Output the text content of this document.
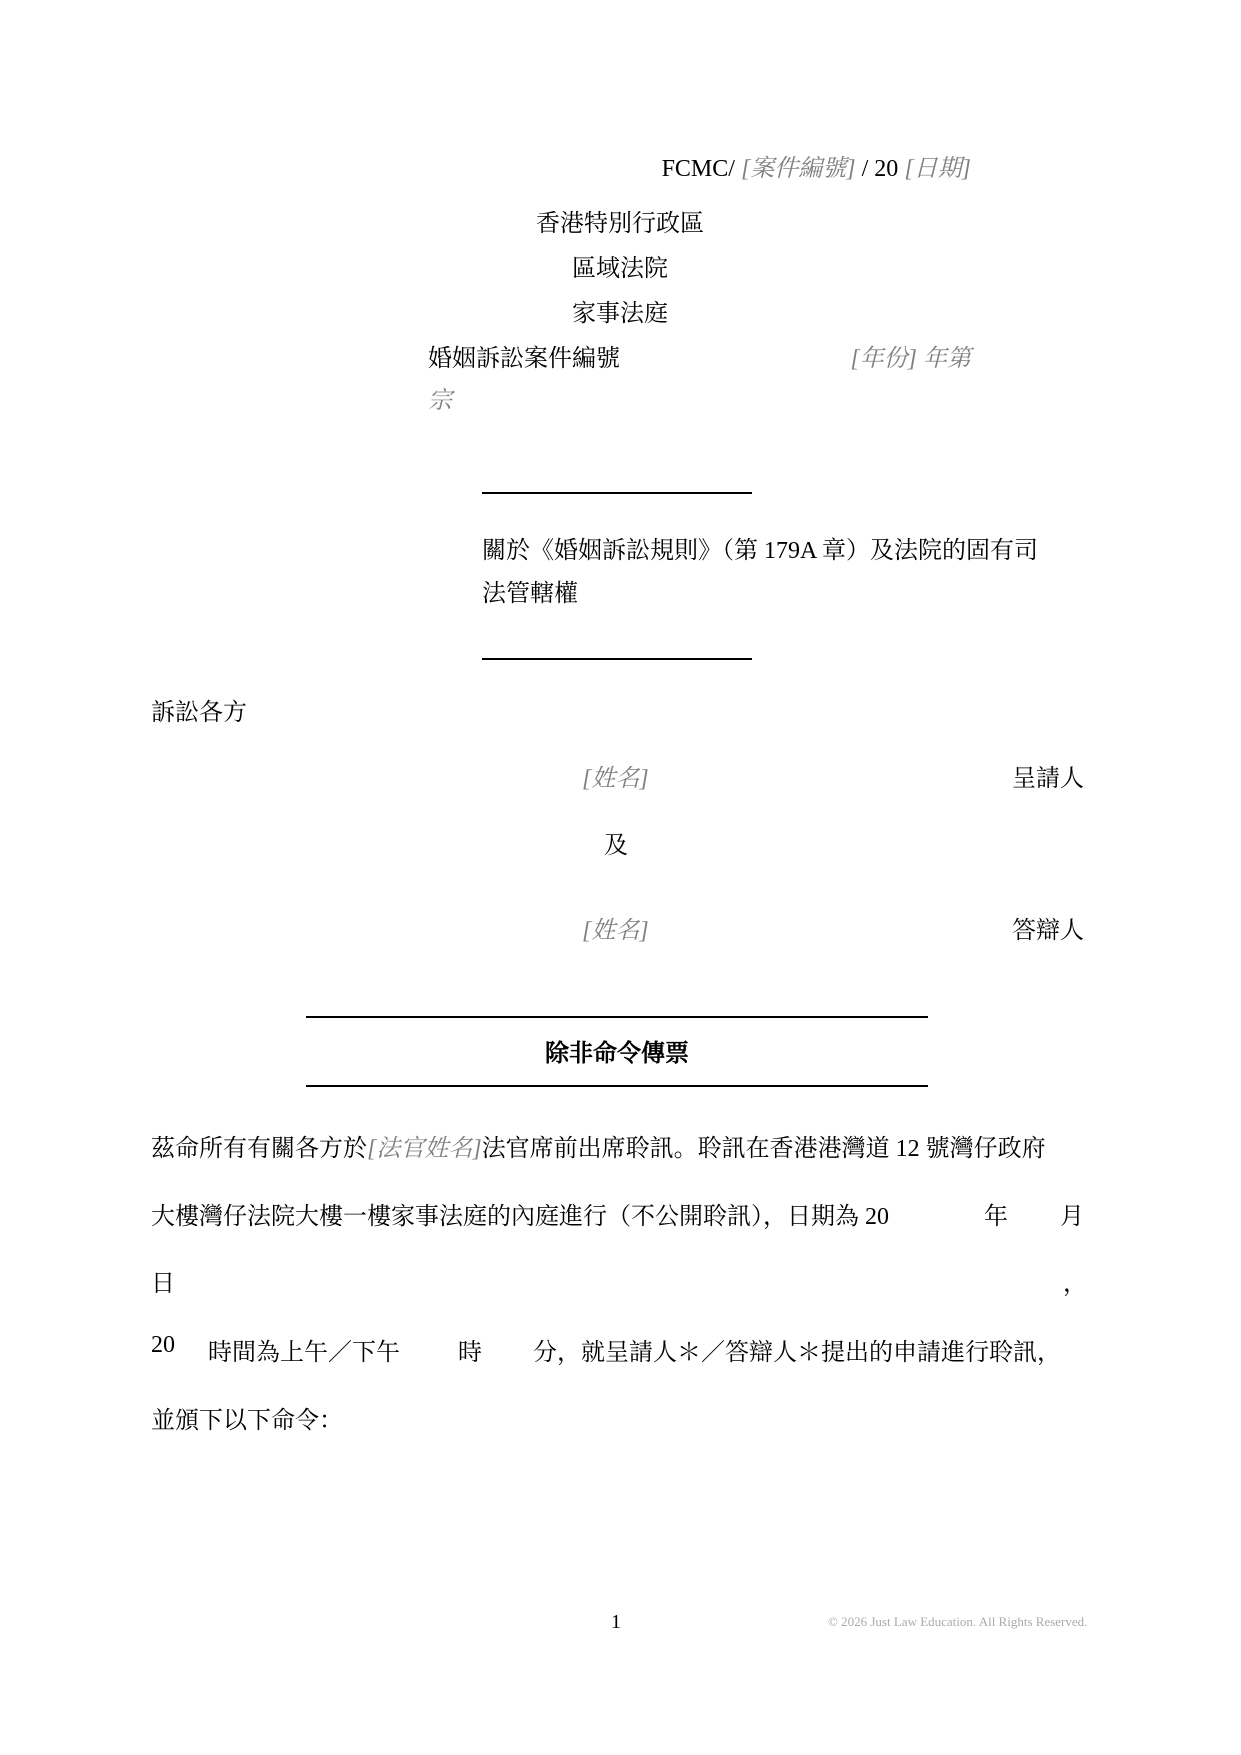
FCMC/ [案件編號] / 20 [日期]
香港特別行政區
區域法院
家事法庭
婚姻訴訟案件編號	[年份] 年第
宗
關於《婚姻訴訟規則》（第 179A 章）及法院的固有司
法管轄權
訴訟各方
[姓名]	呈請人
及
[姓名]	答辯人
除非命令傳票
茲命所有有關各方於[法官姓名]法官席前出席聆訊。聆訊在香港港灣道 12 號灣仔政府
大樓灣仔法院大樓一樓家事法庭的內庭進行（不公開聆訊），日期為 20	年 月
日	，
20 時間為上午／下午 時 分，就呈請人＊／答辯人＊提出的申請進行聆訊，
並頒下以下命令：
1	© 2026 Just Law Education. All Rights Reserved.
